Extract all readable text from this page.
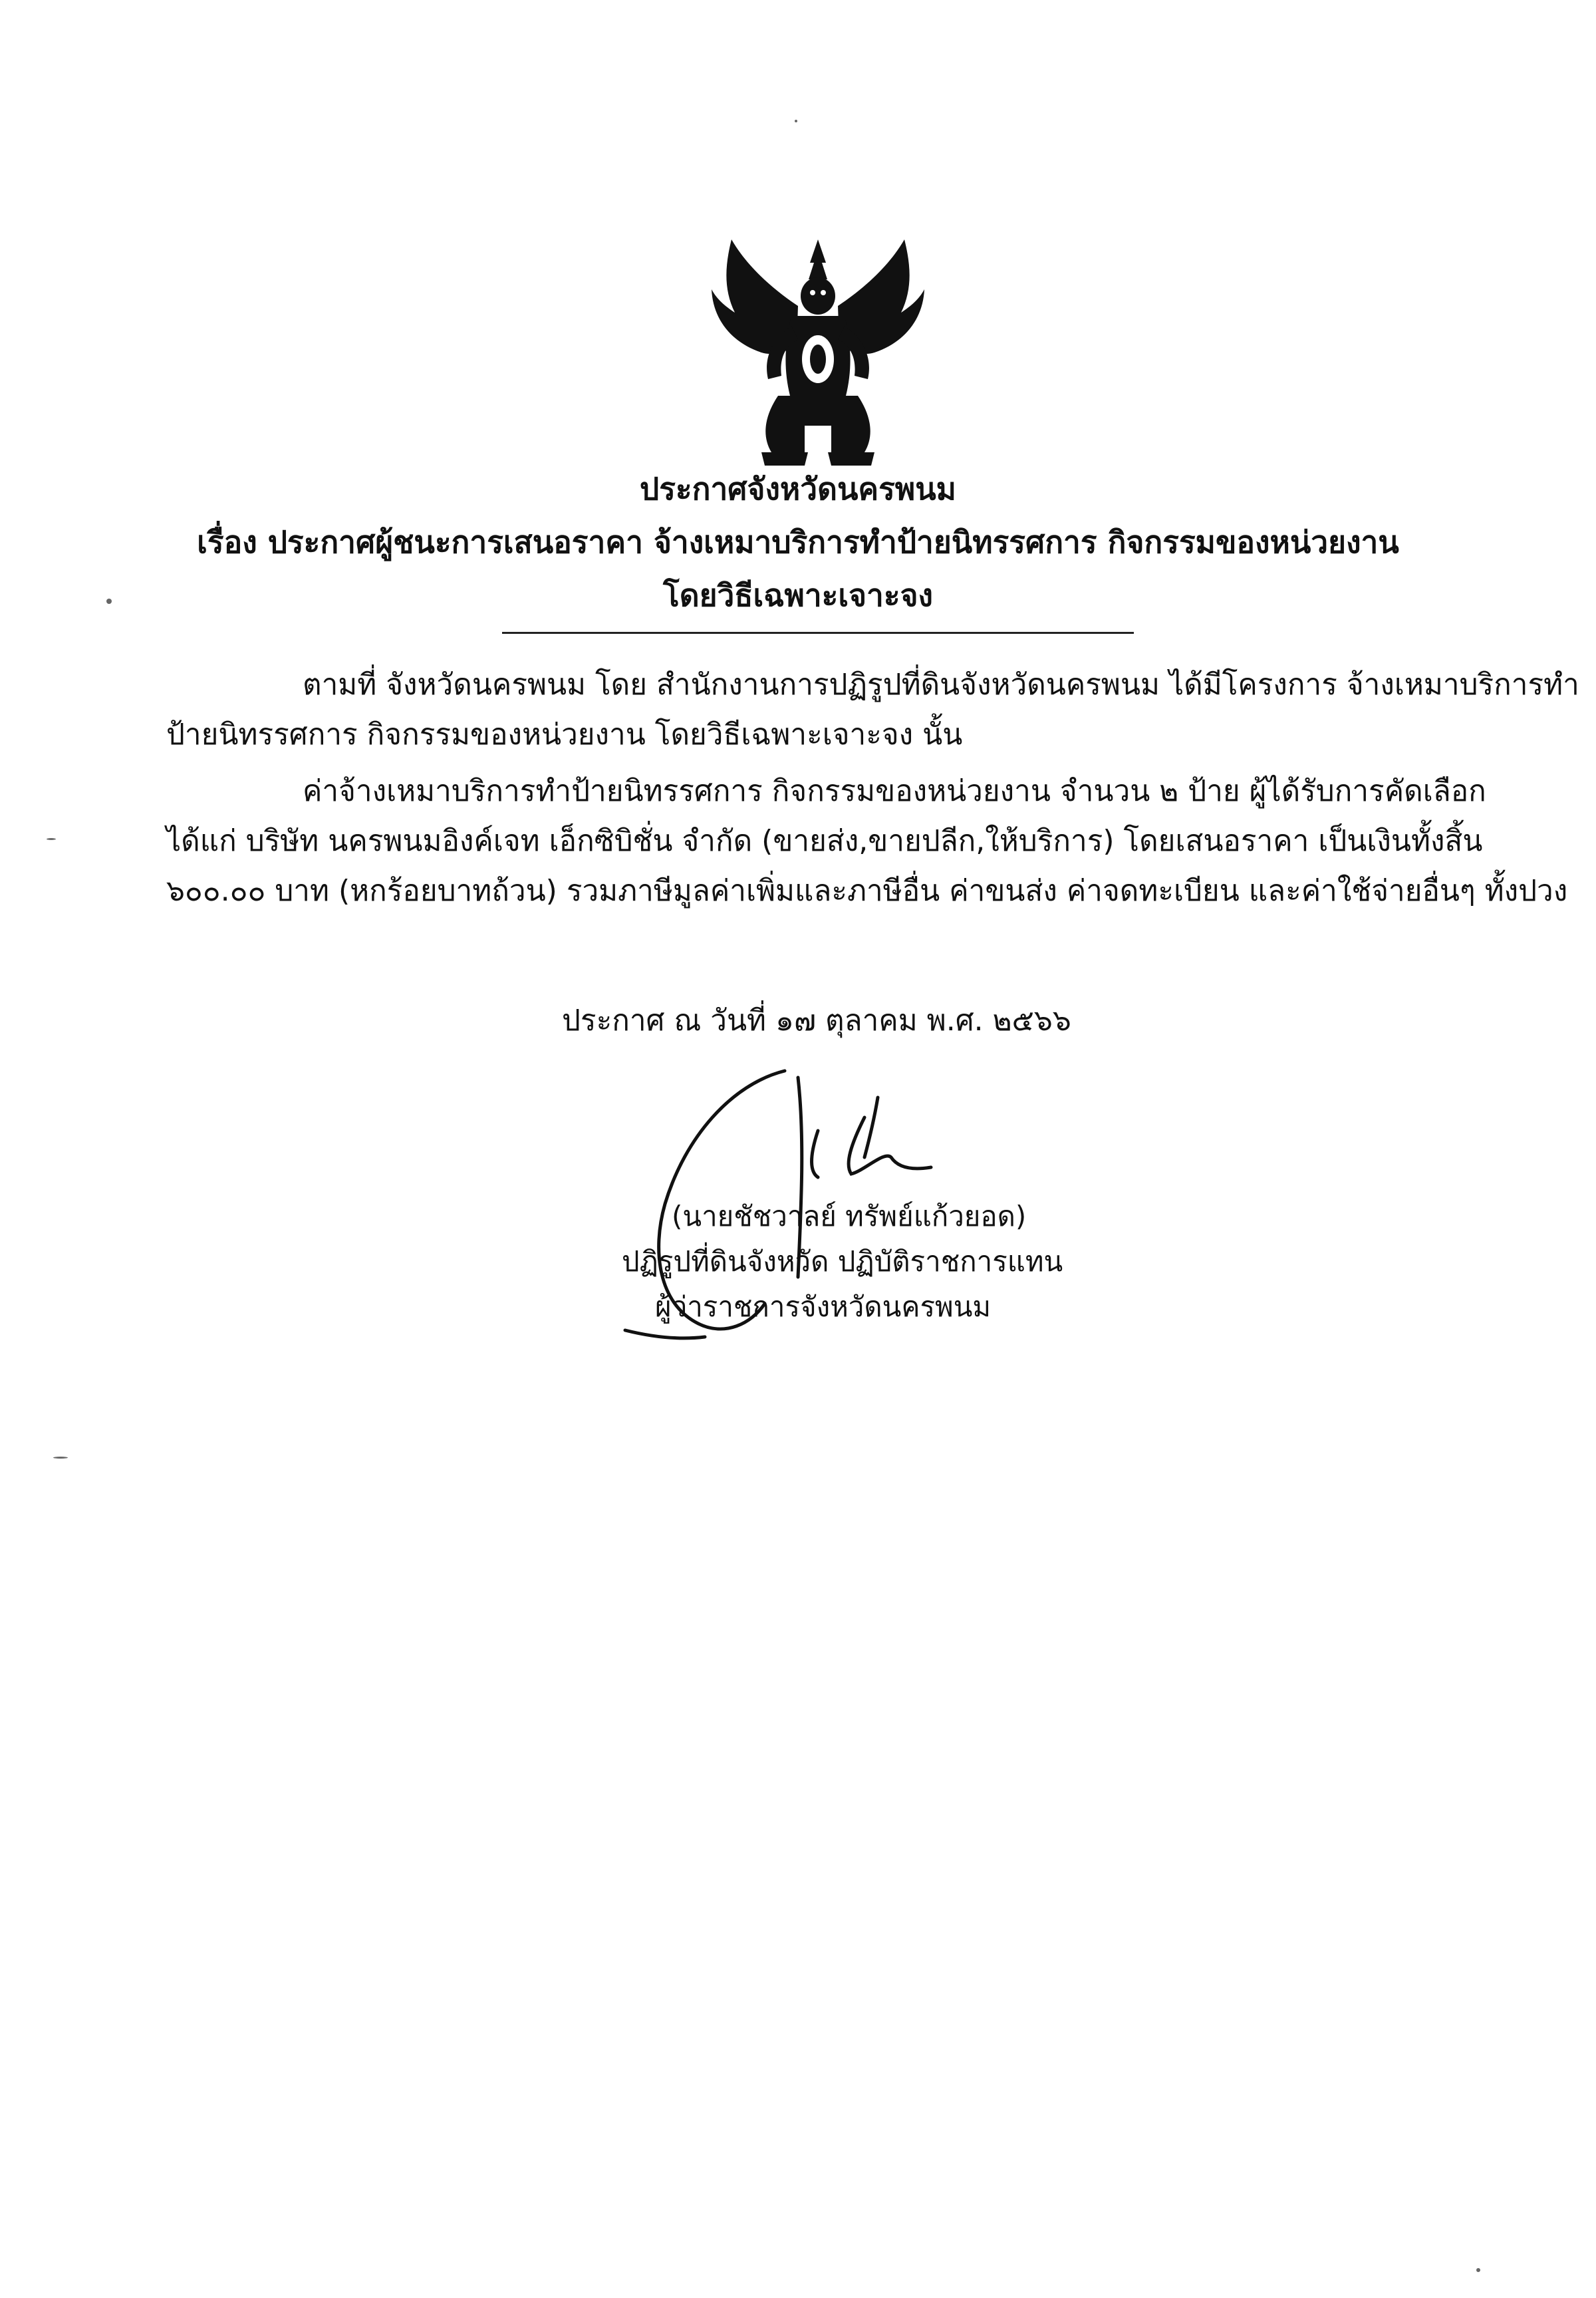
ประกาศจังหวัดนครพนม
เรื่อง ประกาศผู้ชนะการเสนอราคา จ้างเหมาบริการทำป้ายนิทรรศการ กิจกรรมของหน่วยงาน
โดยวิธีเฉพาะเจาะจง
ตามที่ จังหวัดนครพนม โดย สำนักงานการปฏิรูปที่ดินจังหวัดนครพนม ได้มีโครงการ จ้างเหมาบริการทำ
ป้ายนิทรรศการ กิจกรรมของหน่วยงาน โดยวิธีเฉพาะเจาะจง นั้น
ค่าจ้างเหมาบริการทำป้ายนิทรรศการ กิจกรรมของหน่วยงาน จำนวน ๒ ป้าย ผู้ได้รับการคัดเลือก
ได้แก่ บริษัท นครพนมอิงค์เจท เอ็กซิบิชั่น จำกัด (ขายส่ง,ขายปลีก,ให้บริการ) โดยเสนอราคา เป็นเงินทั้งสิ้น
๖๐๐.๐๐ บาท (หกร้อยบาทถ้วน) รวมภาษีมูลค่าเพิ่มและภาษีอื่น ค่าขนส่ง ค่าจดทะเบียน และค่าใช้จ่ายอื่นๆ ทั้งปวง
ประกาศ ณ วันที่ ๑๗ ตุลาคม พ.ศ. ๒๕๖๖
(นายชัชวาลย์ ทรัพย์แก้วยอด)
ปฏิรูปที่ดินจังหวัด ปฏิบัติราชการแทน
ผู้ว่าราชการจังหวัดนครพนม
